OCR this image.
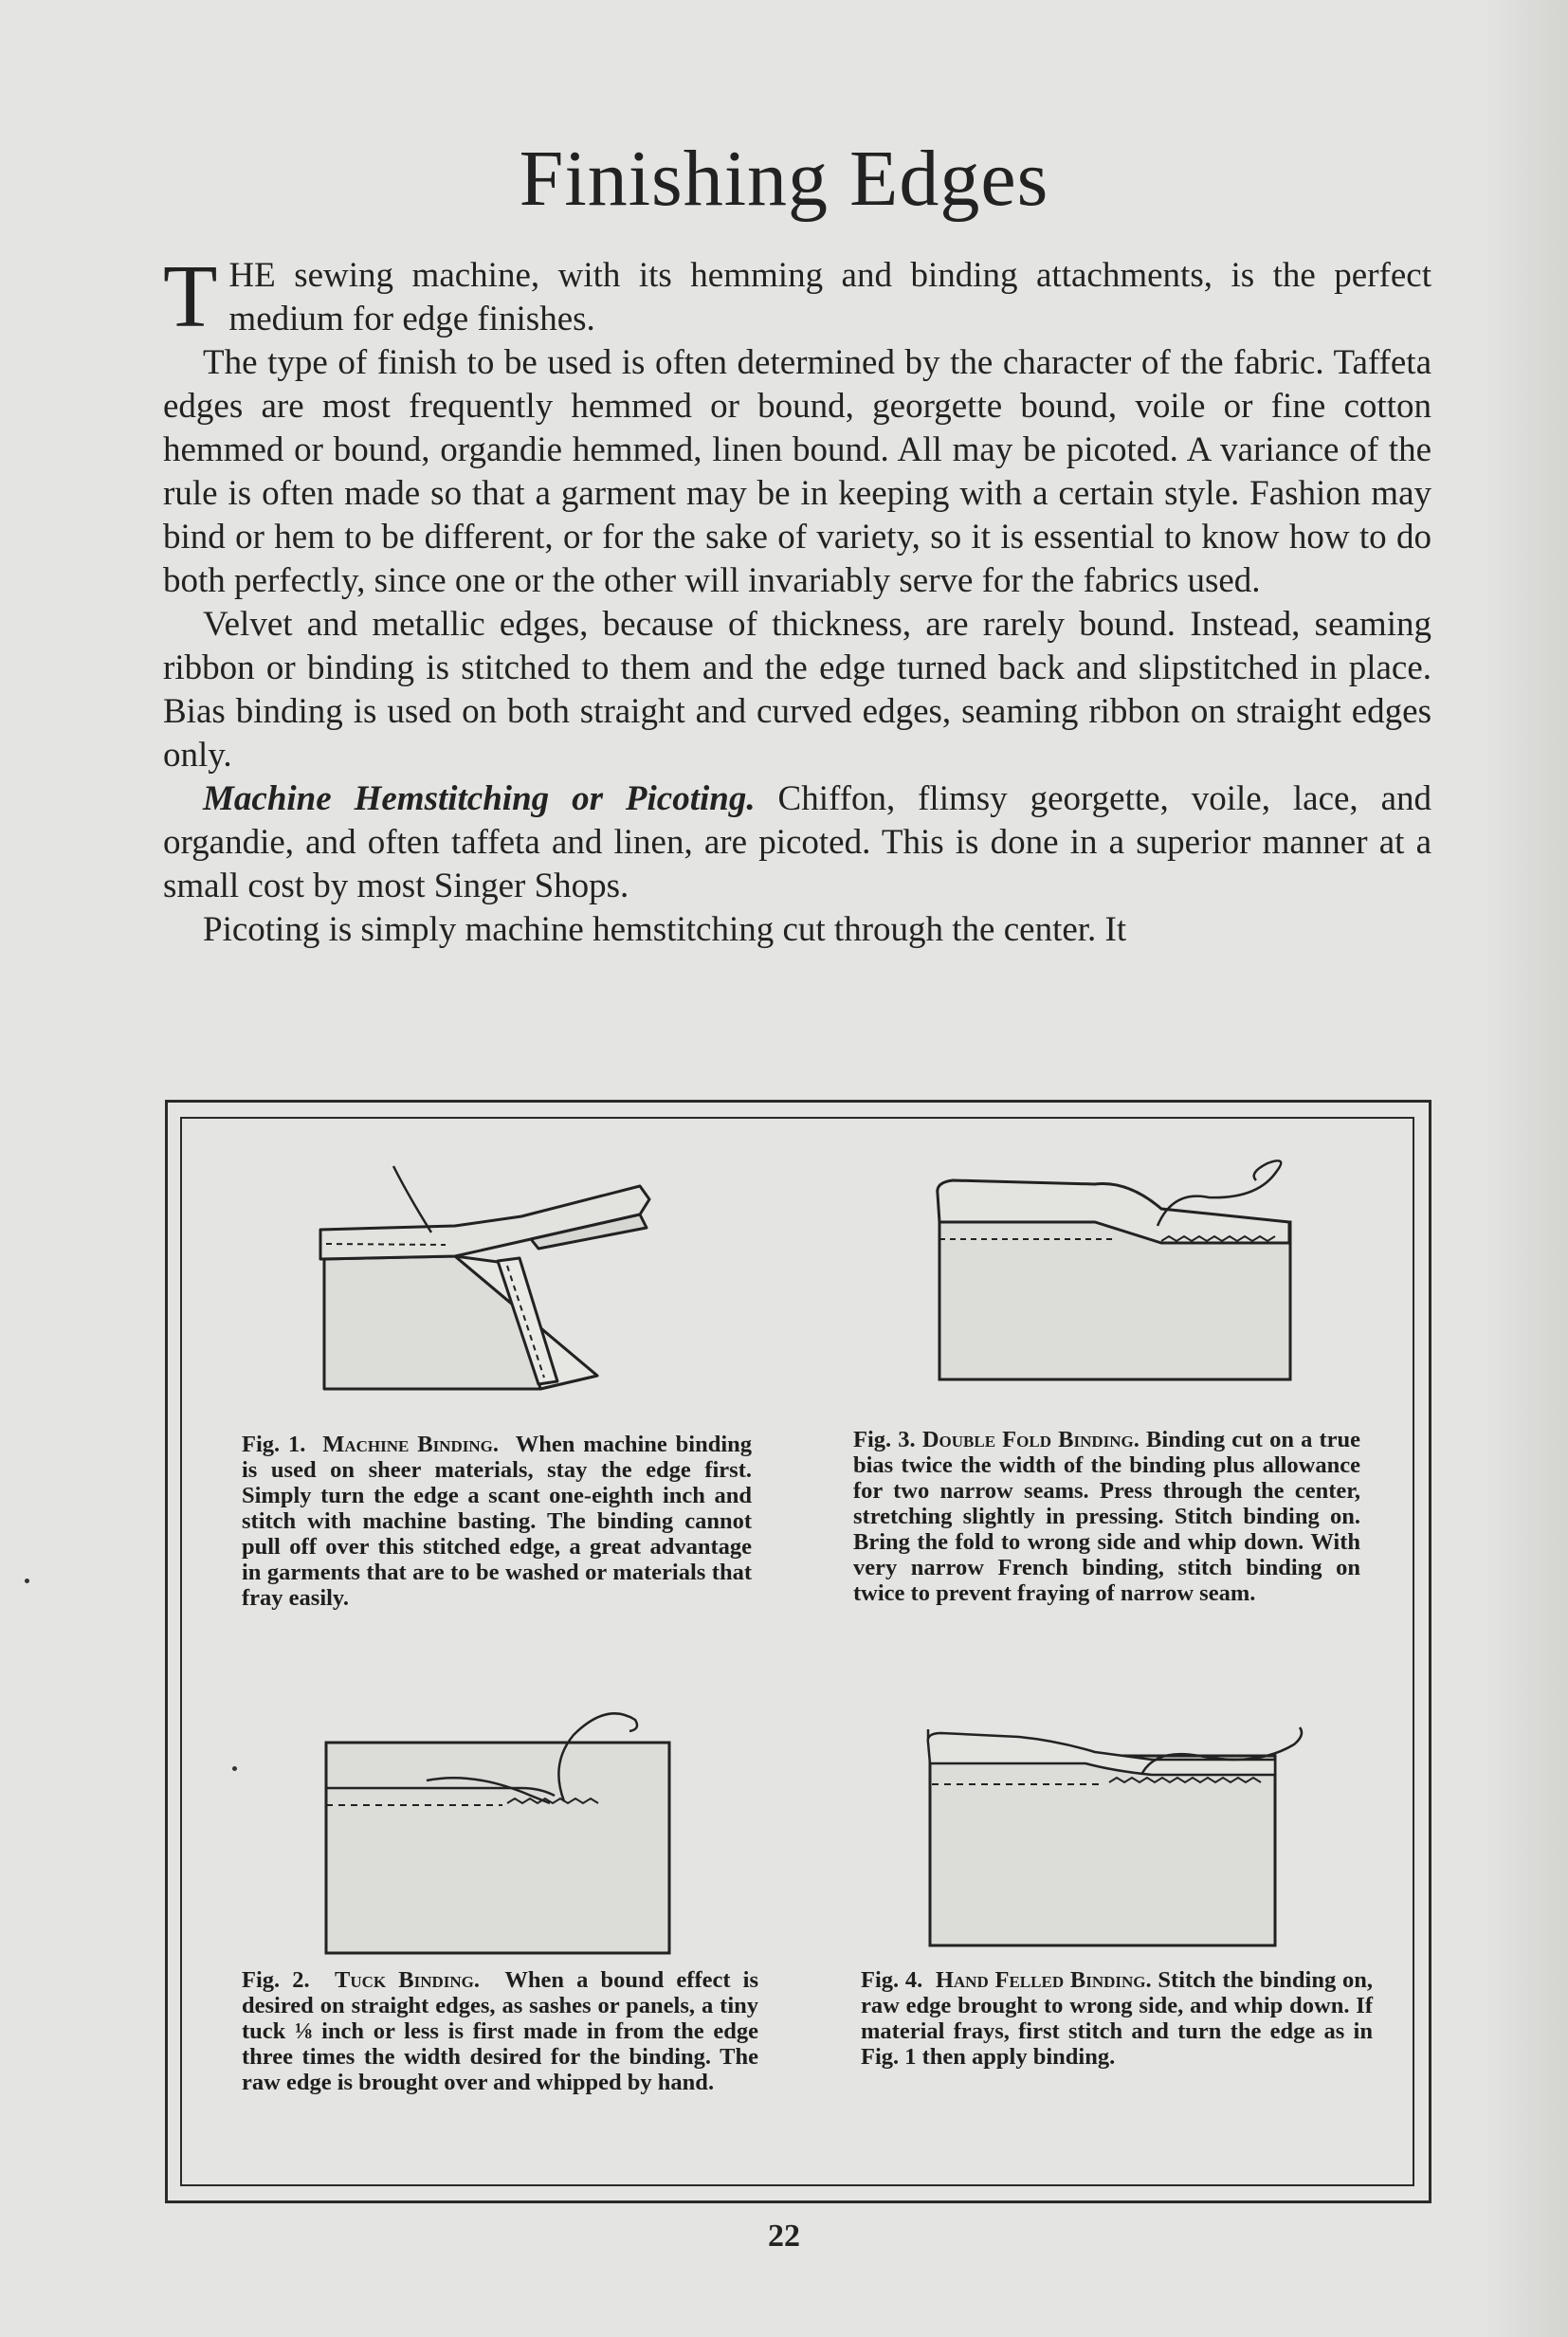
Finishing Edges

THE sewing machine, with its hemming and binding attachments, is the perfect medium for edge finishes.

The type of finish to be used is often determined by the character of the fabric. Taffeta edges are most frequently hemmed or bound, georgette bound, voile or fine cotton hemmed or bound, organdie hemmed, linen bound. All may be picoted. A variance of the rule is often made so that a garment may be in keeping with a certain style. Fashion may bind or hem to be different, or for the sake of variety, so it is essential to know how to do both perfectly, since one or the other will invariably serve for the fabrics used.

Velvet and metallic edges, because of thickness, are rarely bound. Instead, seaming ribbon or binding is stitched to them and the edge turned back and slipstitched in place. Bias binding is used on both straight and curved edges, seaming ribbon on straight edges only.

Machine Hemstitching or Picoting. Chiffon, flimsy georgette, voile, lace, and organdie, and often taffeta and linen, are picoted. This is done in a superior manner at a small cost by most Singer Shops.

Picoting is simply machine hemstitching cut through the center. It

Fig. 1. Machine Binding. When machine binding is used on sheer materials, stay the edge first. Simply turn the edge a scant one-eighth inch and stitch with machine basting. The binding cannot pull off over this stitched edge, a great advantage in garments that are to be washed or materials that fray easily.

Fig. 3. Double Fold Binding. Binding cut on a true bias twice the width of the binding plus allowance for two narrow seams. Press through the center, stretching slightly in pressing. Stitch binding on. Bring the fold to wrong side and whip down. With very narrow French binding, stitch binding on twice to prevent fraying of narrow seam.

Fig. 2. Tuck Binding. When a bound effect is desired on straight edges, as sashes or panels, a tiny tuck ⅛ inch or less is first made in from the edge three times the width desired for the binding. The raw edge is brought over and whipped by hand.

Fig. 4. Hand Felled Binding. Stitch the binding on, raw edge brought to wrong side, and whip down. If material frays, first stitch and turn the edge as in Fig. 1 then apply binding.

22
